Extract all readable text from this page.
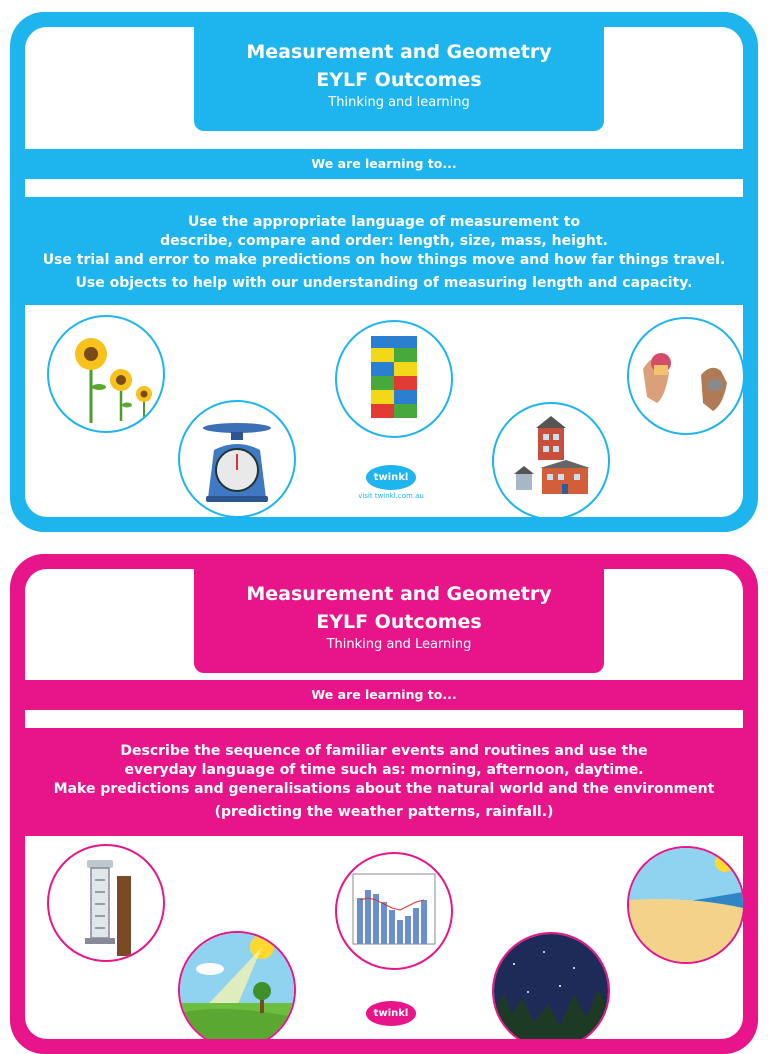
Measurement and Geometry
EYLF Outcomes
Thinking and learning
We are learning to...
Use the appropriate language of measurement to
describe, compare and order: length, size, mass, height.
Use trial and error to make predictions on how things move and how far things travel.
Use objects to help with our understanding of measuring length and capacity.
twinkl
visit twinkl.com.au
Measurement and Geometry
EYLF Outcomes
Thinking and Learning
We are learning to...
Describe the sequence of familiar events and routines and use the
everyday language of time such as: morning, afternoon, daytime.
Make predictions and generalisations about the natural world and the environment
(predicting the weather patterns, rainfall.)
twinkl
